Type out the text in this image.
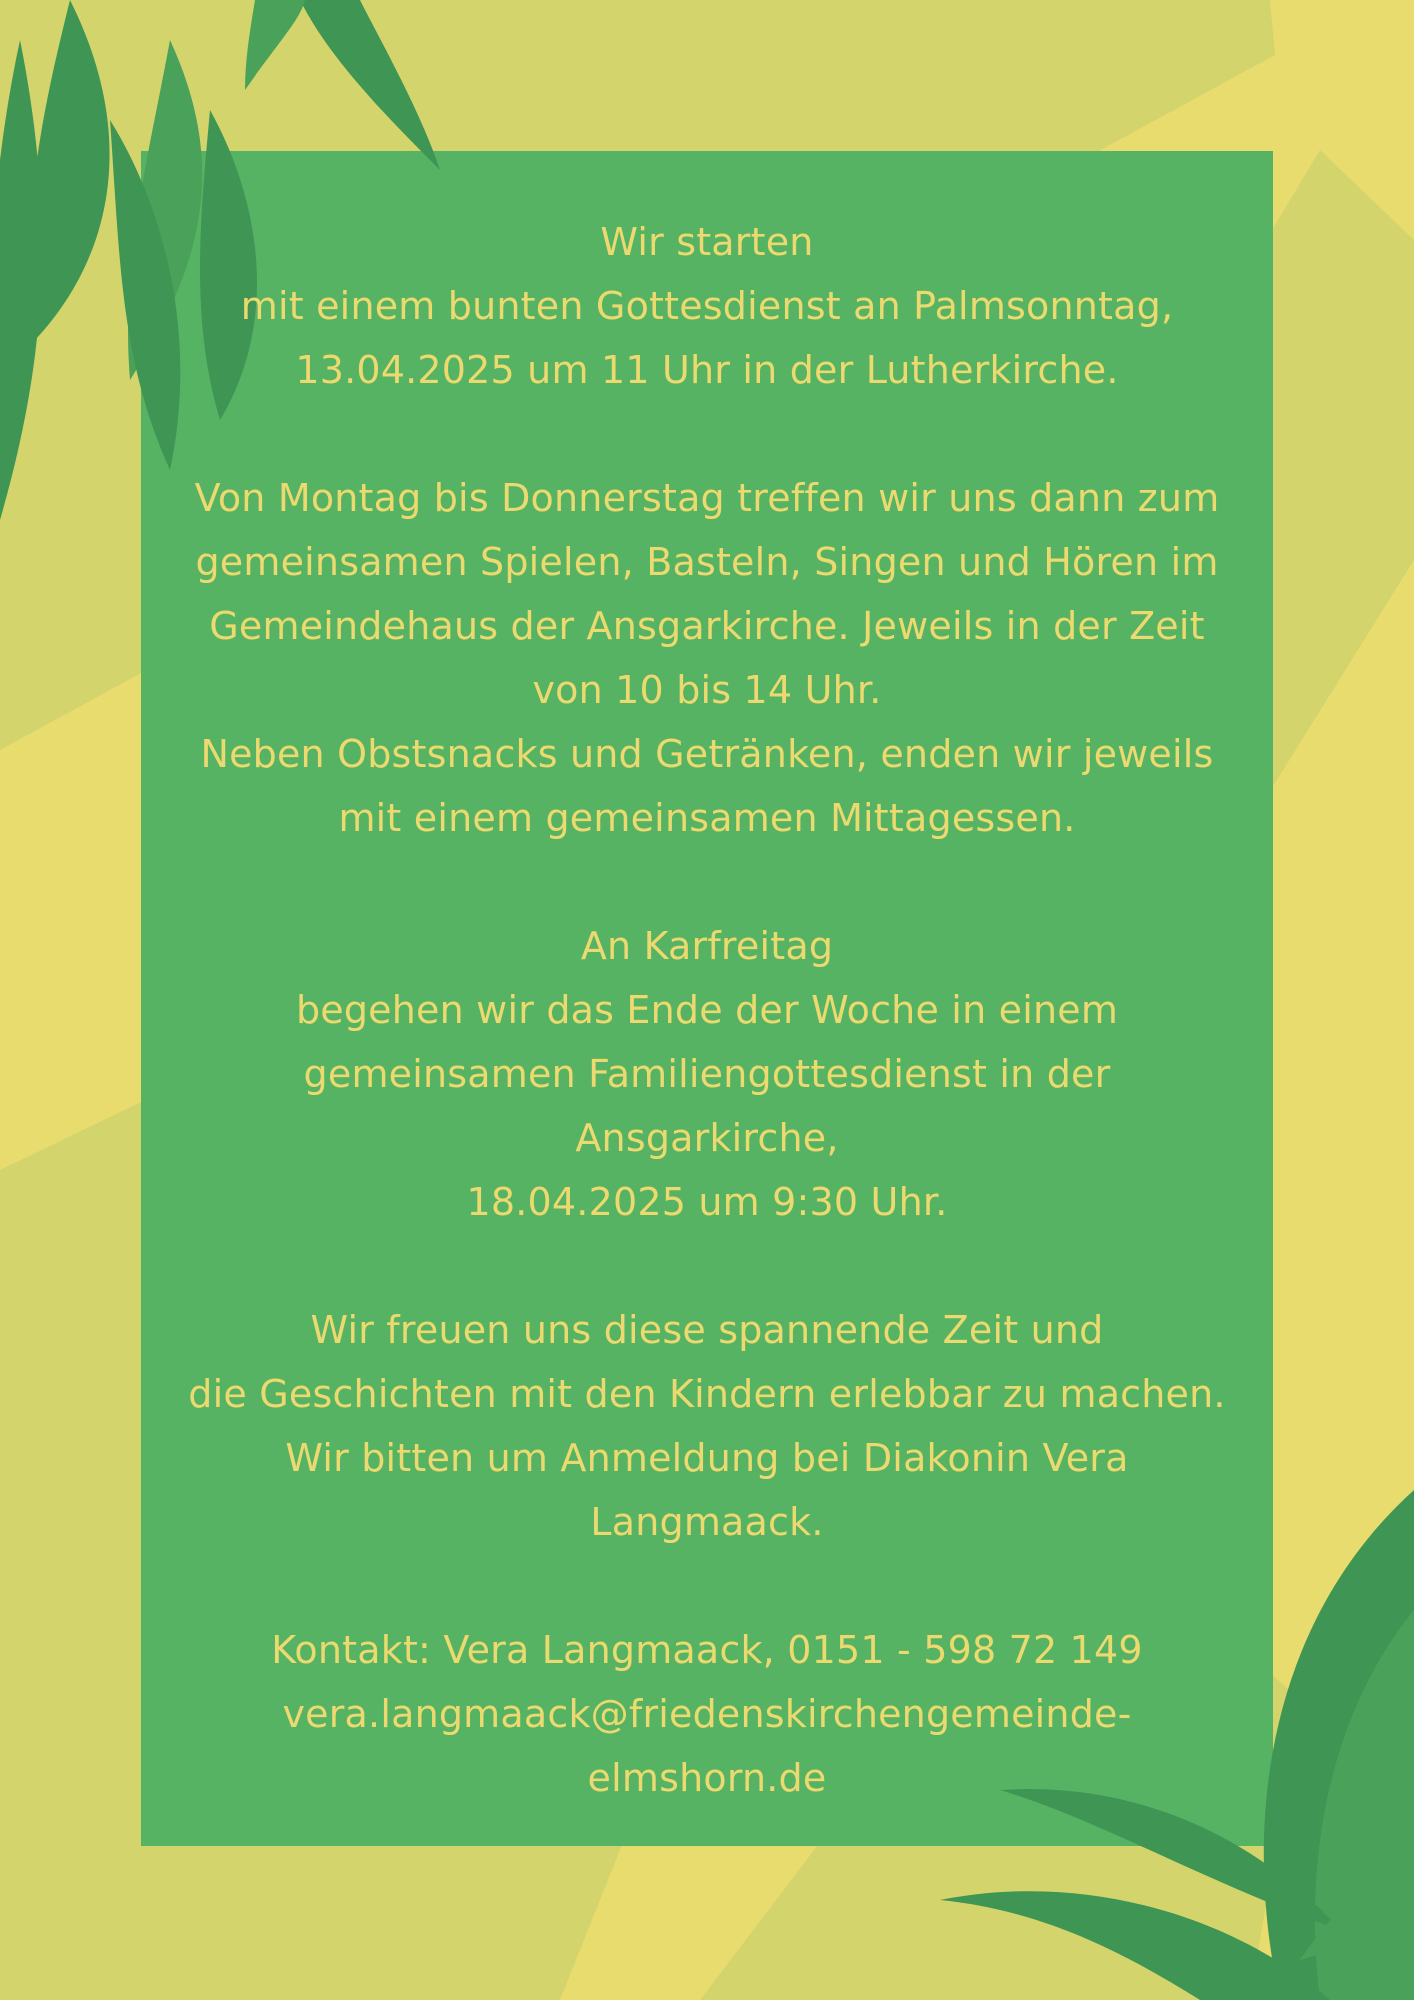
Wir starten
mit einem bunten Gottesdienst an Palmsonntag,
13.04.2025 um 11 Uhr in der Lutherkirche.
Von Montag bis Donnerstag treffen wir uns dann zum
gemeinsamen Spielen, Basteln, Singen und Hören im
Gemeindehaus der Ansgarkirche. Jeweils in der Zeit
von 10 bis 14 Uhr.
Neben Obstsnacks und Getränken, enden wir jeweils
mit einem gemeinsamen Mittagessen.
An Karfreitag
begehen wir das Ende der Woche in einem
gemeinsamen Familiengottesdienst in der
Ansgarkirche,
18.04.2025 um 9:30 Uhr.
Wir freuen uns diese spannende Zeit und
die Geschichten mit den Kindern erlebbar zu machen.
Wir bitten um Anmeldung bei Diakonin Vera
Langmaack.
Kontakt: Vera Langmaack, 0151 - 598 72 149
vera.langmaack@friedenskirchengemeinde-
elmshorn.de
